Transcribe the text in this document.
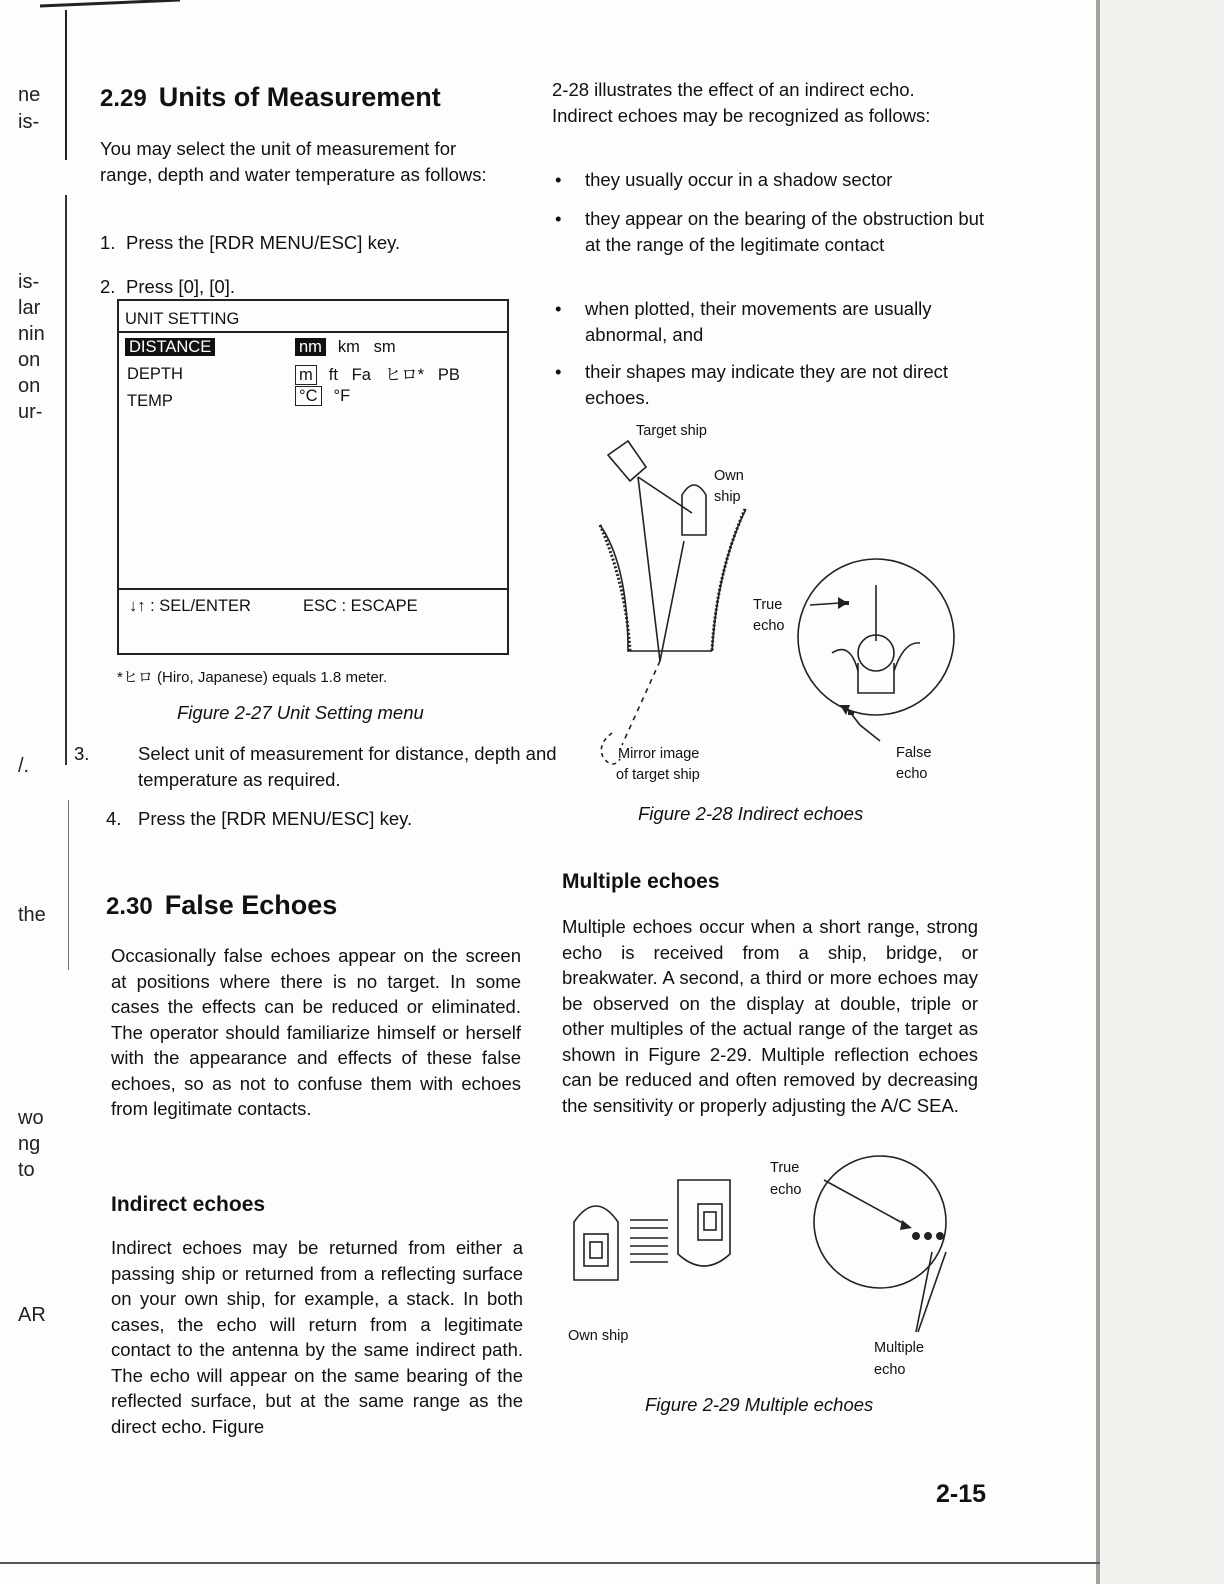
ne
is-
is-
lar
nin
on
on
ur-
/.
the
wo
ng
to
AR
2.29 Units of Measurement

You may select the unit of measurement for range, depth and water temperature as follows:

1. Press the [RDR MENU/ESC] key.
2. Press [0], [0].
UNIT SETTING
DISTANCE	nm km   sm
DEPTH	m ft   Fa   ヒロ*   PB
TEMP	°C °F
↓↑ : SEL/ENTER	ESC : ESCAPE
*ヒロ (Hiro, Japanese) equals 1.8 meter.
Figure 2-27 Unit Setting menu
3.	Select unit of measurement for distance, depth and temperature as required.
4. Press the [RDR MENU/ESC] key.
2.30 False Echoes

Occasionally false echoes appear on the screen at positions where there is no target. In some cases the effects can be reduced or eliminated. The operator should familiarize himself or herself with the appearance and effects of these false echoes, so as not to confuse them with echoes from legitimate contacts.

Indirect echoes

Indirect echoes may be returned from either a passing ship or returned from a reflecting surface on your own ship, for example, a stack. In both cases, the echo will return from a legitimate contact to the antenna by the same indirect path. The echo will appear on the same bearing of the reflected surface, but at the same range as the direct echo. Figure

2-28 illustrates the effect of an indirect echo. Indirect echoes may be recognized as follows:

• they usually occur in a shadow sector
• they appear on the bearing of the obstruction but at the range of the legitimate contact
• when plotted, their movements are usually abnormal, and
• their shapes may indicate they are not direct echoes.
Target ship
Own
ship
True
echo
False
echo
Mirror image
of target ship
Figure 2-28 Indirect echoes
Multiple echoes

Multiple echoes occur when a short range, strong echo is received from a ship, bridge, or breakwater. A second, a third or more echoes may be observed on the display at double, triple or other multiples of the actual range of the target as shown in Figure 2-29. Multiple reflection echoes can be reduced and often removed by decreasing the sensitivity or properly adjusting the A/C SEA.

True
echo
Own ship
Multiple
echo
Figure 2-29 Multiple echoes
2-15
